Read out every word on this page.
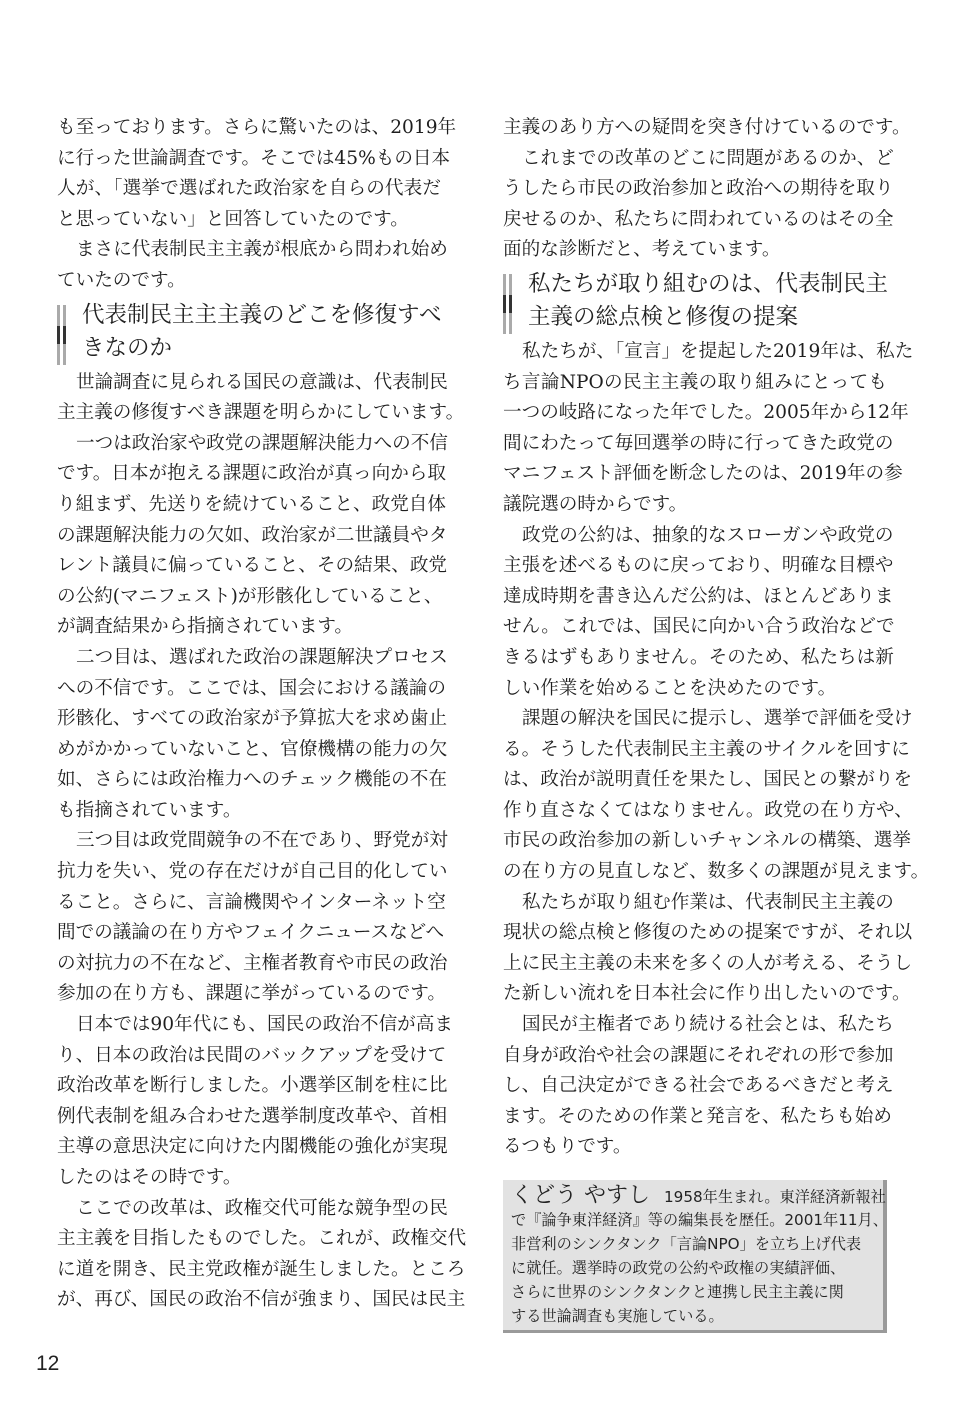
も至っております。さらに驚いたのは、2019年
に行った世論調査です。そこでは45%もの日本
人が、「選挙で選ばれた政治家を自らの代表だ
と思っていない」と回答していたのです。
まさに代表制民主主義が根底から問われ始め
ていたのです。
代表制民主主主義のどこを修復すべ
きなのか
世論調査に見られる国民の意識は、代表制民
主主義の修復すべき課題を明らかにしています。
一つは政治家や政党の課題解決能力への不信
です。日本が抱える課題に政治が真っ向から取
り組まず、先送りを続けていること、政党自体
の課題解決能力の欠如、政治家が二世議員やタ
レント議員に偏っていること、その結果、政党
の公約(マニフェスト)が形骸化していること、
が調査結果から指摘されています。
二つ目は、選ばれた政治の課題解決プロセス
への不信です。ここでは、国会における議論の
形骸化、すべての政治家が予算拡大を求め歯止
めがかかっていないこと、官僚機構の能力の欠
如、さらには政治権力へのチェック機能の不在
も指摘されています。
三つ目は政党間競争の不在であり、野党が対
抗力を失い、党の存在だけが自己目的化してい
ること。さらに、言論機関やインターネット空
間での議論の在り方やフェイクニュースなどへ
の対抗力の不在など、主権者教育や市民の政治
参加の在り方も、課題に挙がっているのです。
日本では90年代にも、国民の政治不信が高ま
り、日本の政治は民間のバックアップを受けて
政治改革を断行しました。小選挙区制を柱に比
例代表制を組み合わせた選挙制度改革や、首相
主導の意思決定に向けた内閣機能の強化が実現
したのはその時です。
ここでの改革は、政権交代可能な競争型の民
主主義を目指したものでした。これが、政権交代
に道を開き、民主党政権が誕生しました。ところ
が、再び、国民の政治不信が強まり、国民は民主
主義のあり方への疑問を突き付けているのです。
これまでの改革のどこに問題があるのか、ど
うしたら市民の政治参加と政治への期待を取り
戻せるのか、私たちに問われているのはその全
面的な診断だと、考えています。
私たちが取り組むのは、代表制民主
主義の総点検と修復の提案
私たちが、「宣言」を提起した2019年は、私た
ち言論NPOの民主主義の取り組みにとっても
一つの岐路になった年でした。2005年から12年
間にわたって毎回選挙の時に行ってきた政党の
マニフェスト評価を断念したのは、2019年の参
議院選の時からです。
政党の公約は、抽象的なスローガンや政党の
主張を述べるものに戻っており、明確な目標や
達成時期を書き込んだ公約は、ほとんどありま
せん。これでは、国民に向かい合う政治などで
きるはずもありません。そのため、私たちは新
しい作業を始めることを決めたのです。
課題の解決を国民に提示し、選挙で評価を受け
る。そうした代表制民主主義のサイクルを回すに
は、政治が説明責任を果たし、国民との繋がりを
作り直さなくてはなりません。政党の在り方や、
市民の政治参加の新しいチャンネルの構築、選挙
の在り方の見直しなど、数多くの課題が見えます。
私たちが取り組む作業は、代表制民主主義の
現状の総点検と修復のための提案ですが、それ以
上に民主主義の未来を多くの人が考える、そうし
た新しい流れを日本社会に作り出したいのです。
国民が主権者であり続ける社会とは、私たち
自身が政治や社会の課題にそれぞれの形で参加
し、自己決定ができる社会であるべきだと考え
ます。そのための作業と発言を、私たちも始め
るつもりです。
くどう やすし 1958年生まれ。東洋経済新報社
で『論争東洋経済』等の編集長を歴任。2001年11月、
非営利のシンクタンク「言論NPO」を立ち上げ代表
に就任。選挙時の政党の公約や政権の実績評価、
さらに世界のシンクタンクと連携し民主主義に関
する世論調査も実施している。
12
